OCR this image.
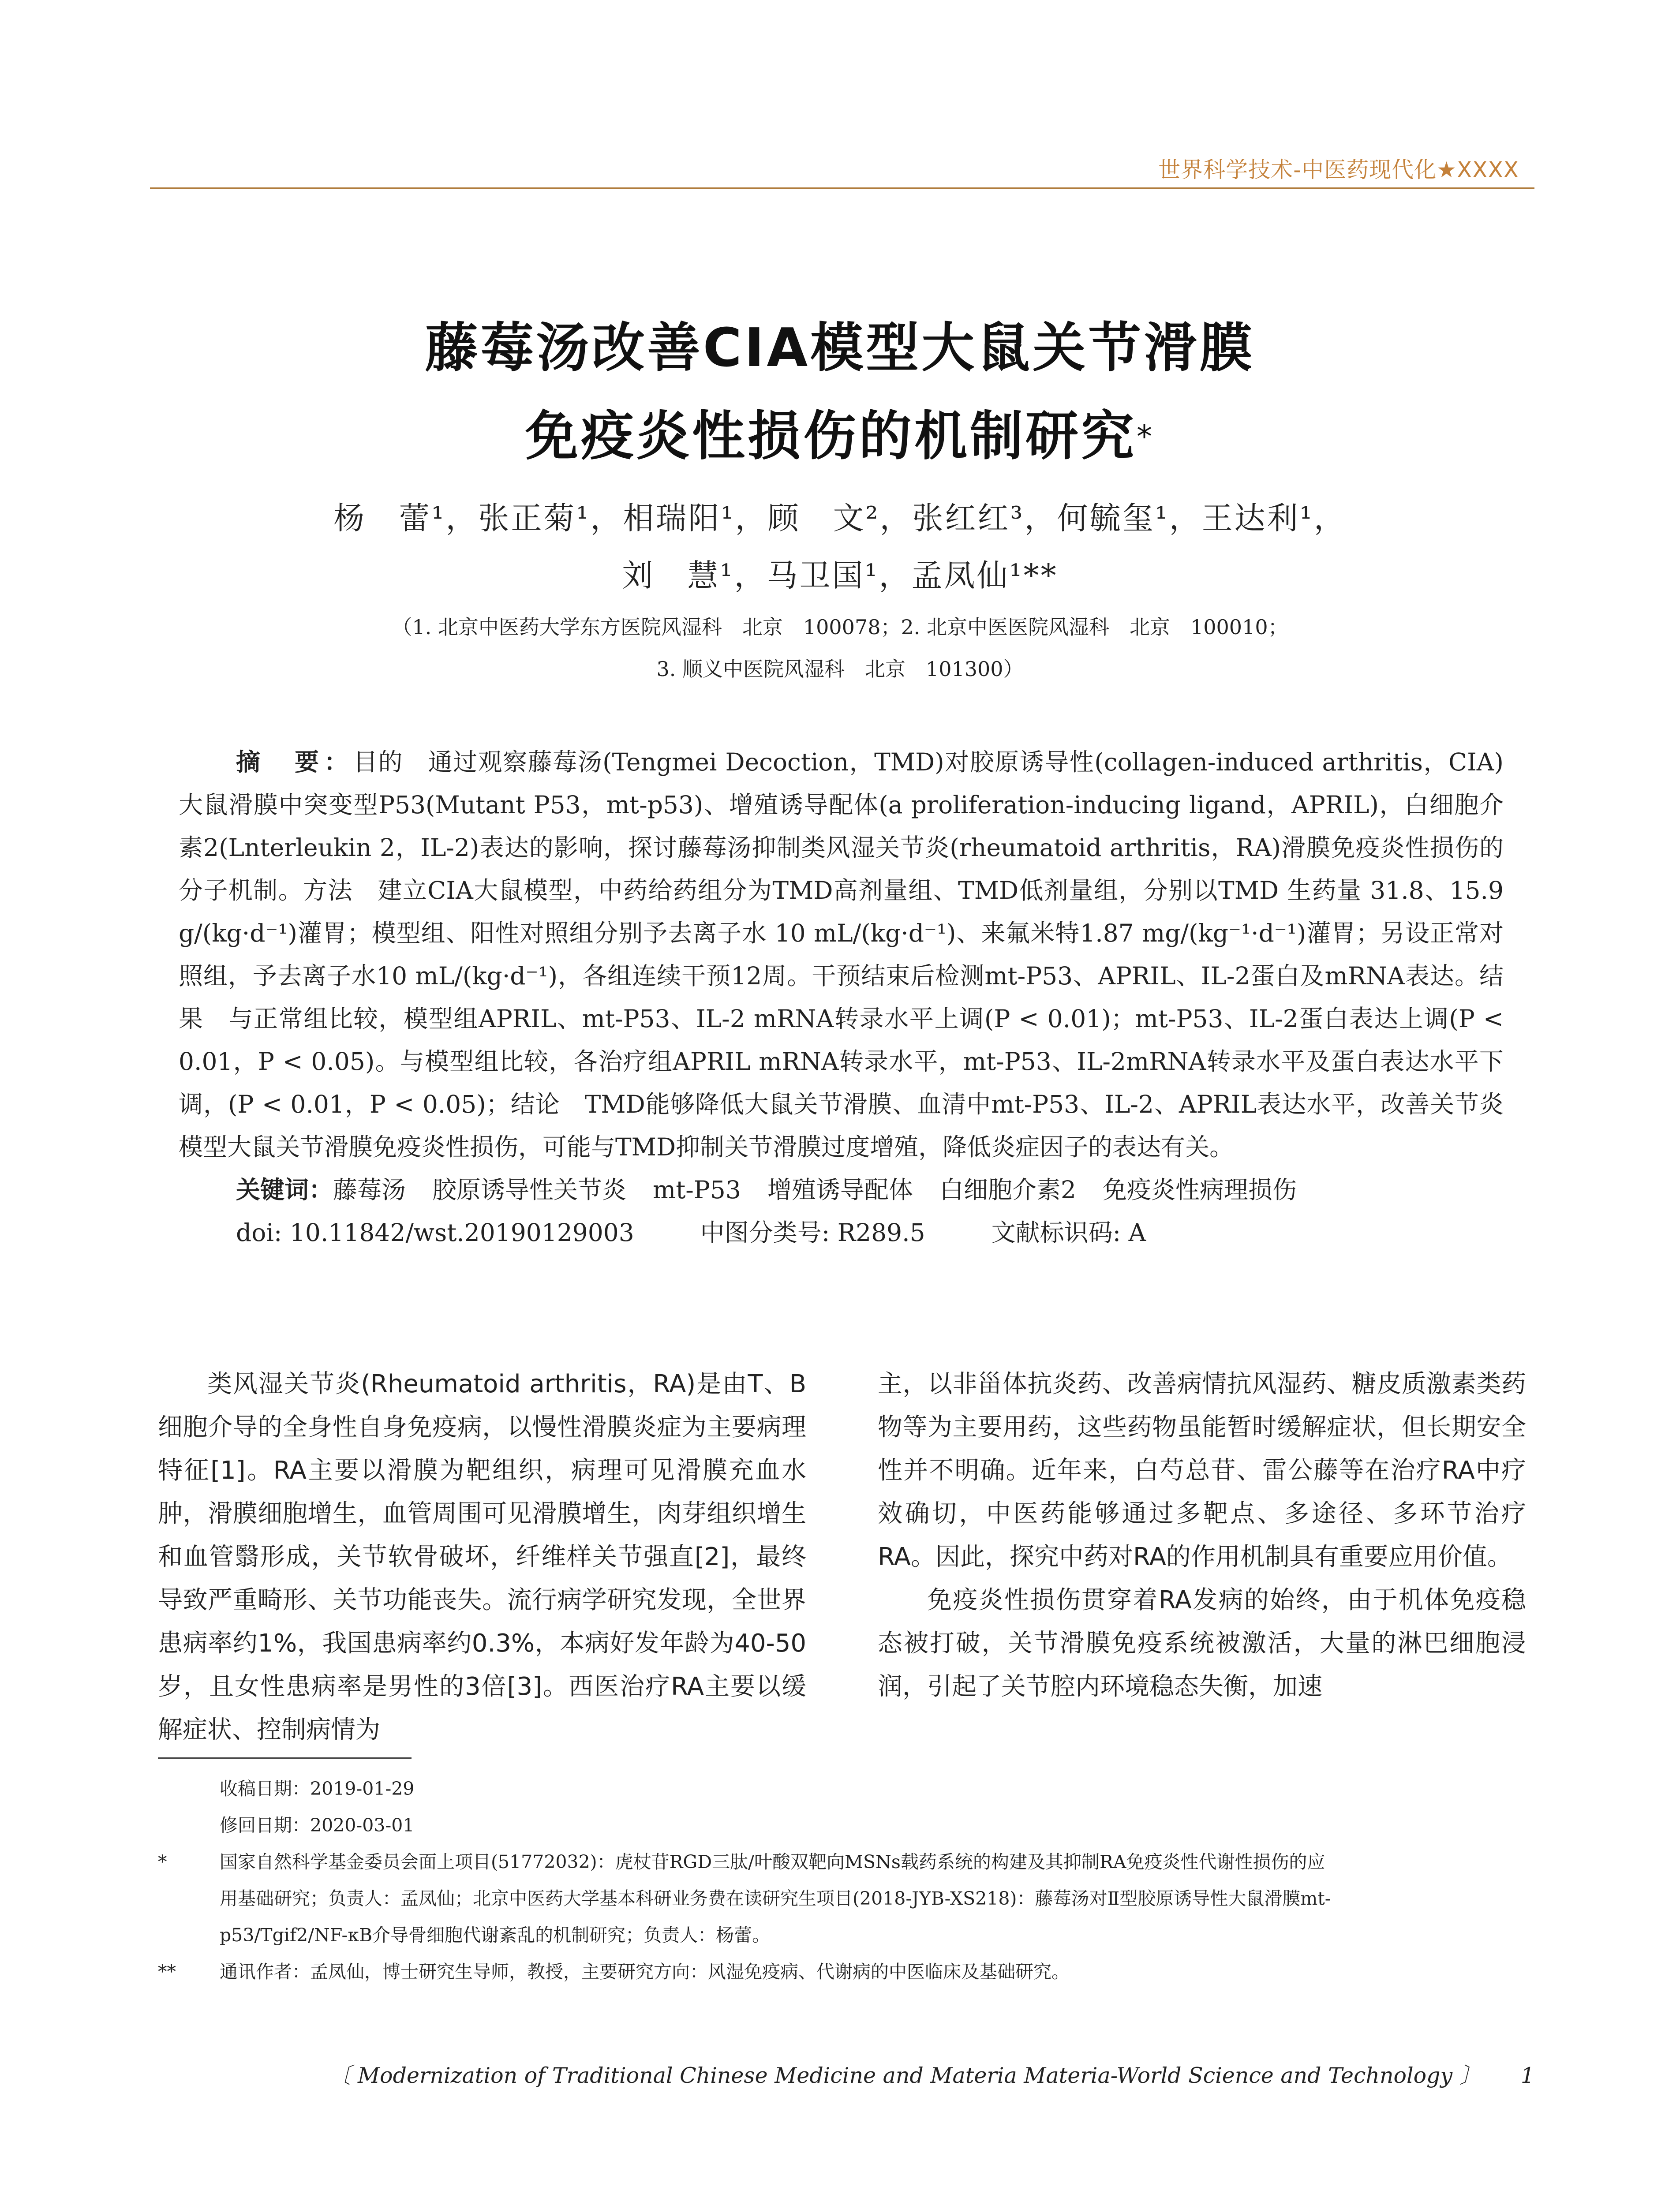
世界科学技术-中医药现代化★XXXX
藤莓汤改善CIA模型大鼠关节滑膜
免疫炎性损伤的机制研究*
杨　蕾¹，张正菊¹，相瑞阳¹，顾　文²，张红红³，何毓玺¹，王达利¹，
刘　慧¹，马卫国¹，孟凤仙¹**
（1. 北京中医药大学东方医院风湿科　北京　100078；2. 北京中医医院风湿科　北京　100010；
3. 顺义中医院风湿科　北京　101300）

摘　要：目的　通过观察藤莓汤(Tengmei Decoction，TMD)对胶原诱导性(collagen-induced arthritis，CIA)大鼠滑膜中突变型P53(Mutant P53，mt-p53)、增殖诱导配体(a proliferation-inducing ligand，APRIL)，白细胞介素2(Lnterleukin 2，IL-2)表达的影响，探讨藤莓汤抑制类风湿关节炎(rheumatoid arthritis，RA)滑膜免疫炎性损伤的分子机制。方法　建立CIA大鼠模型，中药给药组分为TMD高剂量组、TMD低剂量组，分别以TMD 生药量 31.8、15.9 g/(kg·d⁻¹)灌胃；模型组、阳性对照组分别予去离子水 10 mL/(kg·d⁻¹)、来氟米特1.87 mg/(kg⁻¹·d⁻¹)灌胃；另设正常对照组，予去离子水10 mL/(kg·d⁻¹)，各组连续干预12周。干预结束后检测mt-P53、APRIL、IL-2蛋白及mRNA表达。结果　与正常组比较，模型组APRIL、mt-P53、IL-2 mRNA转录水平上调(P < 0.01)；mt-P53、IL-2蛋白表达上调(P < 0.01，P < 0.05)。与模型组比较，各治疗组APRIL mRNA转录水平，mt-P53、IL-2mRNA转录水平及蛋白表达水平下调，(P < 0.01，P < 0.05)；结论　TMD能够降低大鼠关节滑膜、血清中mt-P53、IL-2、APRIL表达水平，改善关节炎模型大鼠关节滑膜免疫炎性损伤，可能与TMD抑制关节滑膜过度增殖，降低炎症因子的表达有关。

关键词：藤莓汤 胶原诱导性关节炎 mt-P53 增殖诱导配体 白细胞介素2 免疫炎性病理损伤
doi: 10.11842/wst.20190129003	中图分类号: R289.5	文献标识码: A

类风湿关节炎(Rheumatoid arthritis，RA)是由T、B细胞介导的全身性自身免疫病，以慢性滑膜炎症为主要病理特征[1]。RA主要以滑膜为靶组织，病理可见滑膜充血水肿，滑膜细胞增生，血管周围可见滑膜增生，肉芽组织增生和血管翳形成，关节软骨破坏，纤维样关节强直[2]，最终导致严重畸形、关节功能丧失。流行病学研究发现，全世界患病率约1%，我国患病率约0.3%，本病好发年龄为40-50岁，且女性患病率是男性的3倍[3]。西医治疗RA主要以缓解症状、控制病情为

主，以非甾体抗炎药、改善病情抗风湿药、糖皮质激素类药物等为主要用药，这些药物虽能暂时缓解症状，但长期安全性并不明确。近年来，白芍总苷、雷公藤等在治疗RA中疗效确切，中医药能够通过多靶点、多途径、多环节治疗RA。因此，探究中药对RA的作用机制具有重要应用价值。

免疫炎性损伤贯穿着RA发病的始终，由于机体免疫稳态被打破，关节滑膜免疫系统被激活，大量的淋巴细胞浸润，引起了关节腔内环境稳态失衡，加速

收稿日期：2019-01-29
修回日期：2020-03-01
*	国家自然科学基金委员会面上项目(51772032)：虎杖苷RGD三肽/叶酸双靶向MSNs载药系统的构建及其抑制RA免疫炎性代谢性损伤的应
用基础研究；负责人：孟凤仙；北京中医药大学基本科研业务费在读研究生项目(2018-JYB-XS218)：藤莓汤对Ⅱ型胶原诱导性大鼠滑膜mt-
p53/Tgif2/NF-κB介导骨细胞代谢紊乱的机制研究；负责人：杨蕾。
** 通讯作者：孟凤仙，博士研究生导师，教授，主要研究方向：风湿免疫病、代谢病的中医临床及基础研究。
〔 Modernization of Traditional Chinese Medicine and Materia Materia-World Science and Technology 〕 1
